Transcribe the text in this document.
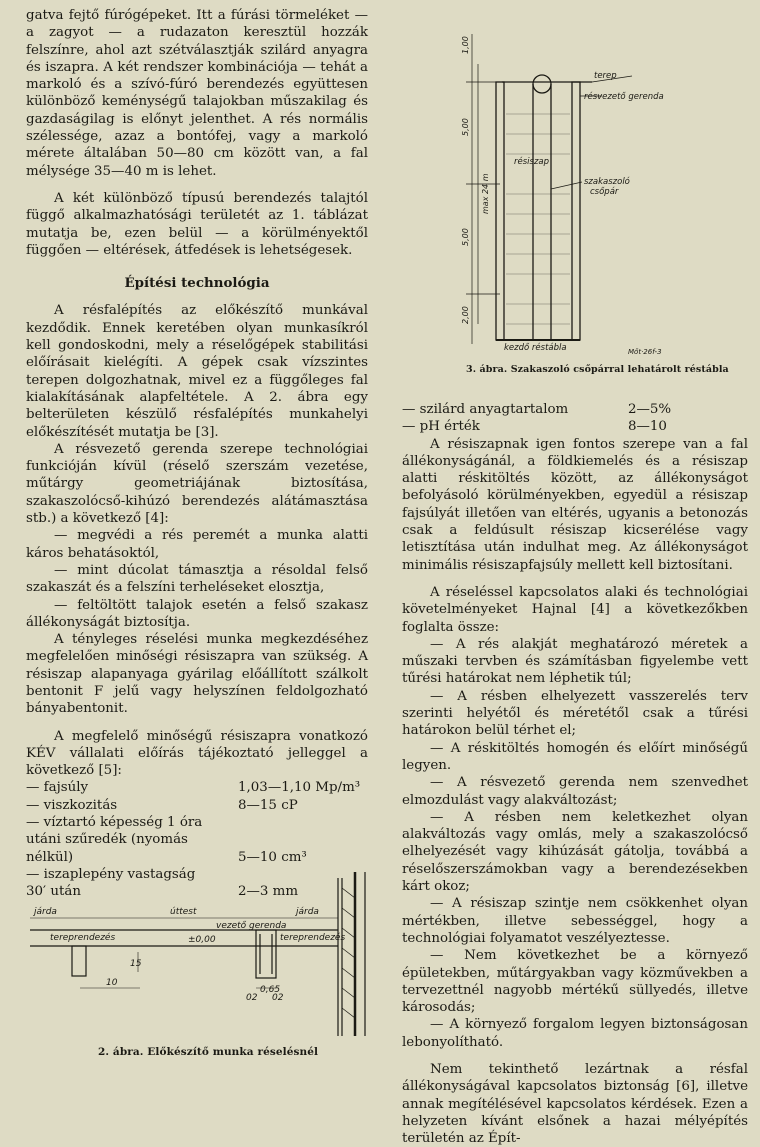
gatva fejtő fúrógépeket. Itt a fúrási törmeléket — a zagyot — a rudazaton keresztül hozzák felszínre, ahol azt szétválasztják szilárd anyagra és iszapra. A két rendszer kombinációja — tehát a markoló és a szívó-fúró berendezés együttesen különböző keménységű talajokban műszakilag és gazdaságilag is előnyt jelenthet. A rés normális szélessége, azaz a bontófej, vagy a markoló mérete általában 50—80 cm között van, a fal mélysége 35—40 m is lehet.

A két különböző típusú berendezés talajtól függő alkalmazhatósági területét az 1. táblázat mutatja be, ezen belül — a körülményektől függően — eltérések, átfedések is lehetségesek.

Építési technológia

A résfalépítés az előkészítő munkával kezdődik. Ennek keretében olyan munkasíkról kell gondoskodni, mely a réselőgépek stabilitási előírásait kielégíti. A gépek csak vízszintes terepen dolgozhatnak, mivel ez a függőleges fal kialakításának alapfeltétele. A 2. ábra egy belterületen készülő résfalépítés munkahelyi előkészítését mutatja be [3].

A résvezető gerenda szerepe technológiai funkcióján kívül (réselő szerszám vezetése, műtárgy geometriájának biztosítása, szakaszolócső-kihúzó berendezés alátámasztása stb.) a következő [4]:

— megvédi a rés peremét a munka alatti káros behatásoktól,

— mint dúcolat támasztja a résoldal felső szakaszát és a felszíni terheléseket elosztja,

— feltöltött talajok esetén a felső szakasz állékonyságát biztosítja.

A tényleges réselési munka megkezdéséhez megfelelően minőségi résiszapra van szükség. A résiszap alapanyaga gyárilag előállított szálkolt bentonit F jelű vagy helyszínen feldolgozható bányabentonit.

A megfelelő minőségű résiszapra vonatkozó KÉV vállalati előírás tájékoztató jelleggel a következő [5]:

— fajsúly	1,03—1,10 Mp/m³
— viszkozitás	8—15 cP
— víztartó képesség 1 óra utáni szűredék (nyomás nélkül)	5—10 cm³
— iszaplepény vastagság 30′ után	2—3 mm
járda	úttest	járda
tereprendezés	tereprendezés
vezető gerenda
±0,00
10
15
02
0,65
02
2. ábra. Előkészítő munka réselésnél
terep
résvezető gerenda
résiszap
szakaszoló
csőpár
kezdő réstábla	Mőt·26f-3
1,00
5,00
5,00
2,00
max 24 m
3. ábra. Szakaszoló csőpárral lehatárolt réstábla
— szilárd anyagtartalom	2—5%
— pH érték	8—10

A résiszapnak igen fontos szerepe van a fal állékonyságánál, a földkiemelés és a résiszap alatti réskitöltés között, az állékonyságot befolyásoló körülményekben, egyedül a résiszap fajsúlyát illetően van eltérés, ugyanis a betonozás csak a feldúsult résiszap kicserélése vagy letisztítása után indulhat meg. Az állékonyságot minimális résiszapfajsúly mellett kell biztosítani.

A réseléssel kapcsolatos alaki és technológiai követelményeket Hajnal [4] a következőkben foglalta össze:

— A rés alakját meghatározó méretek a műszaki tervben és számításban figyelembe vett tűrési határokat nem léphetik túl;

— A résben elhelyezett vasszerelés terv szerinti helyétől és méretétől csak a tűrési határokon belül térhet el;

— A réskitöltés homogén és előírt minőségű legyen.

— A résvezető gerenda nem szenvedhet elmozdulást vagy alakváltozást;

— A résben nem keletkezhet olyan alakváltozás vagy omlás, mely a szakaszolócső elhelyezését vagy kihúzását gátolja, továbbá a réselőszerszámokban vagy a berendezésekben kárt okoz;

— A résiszap szintje nem csökkenhet olyan mértékben, illetve sebességgel, hogy a technológiai folyamatot veszélyeztesse.

— Nem következhet be a környező épületekben, műtárgyakban vagy közművekben a tervezettnél nagyobb mértékű süllyedés, illetve károsodás;

— A környező forgalom legyen biztonságosan lebonyolítható.

Nem tekinthető lezártnak a résfal állékonyságával kapcsolatos biztonság [6], illetve annak megítélésével kapcsolatos kérdések. Ezen a helyzeten kívánt elsőnek a hazai mélyépítés területén az Épít-
